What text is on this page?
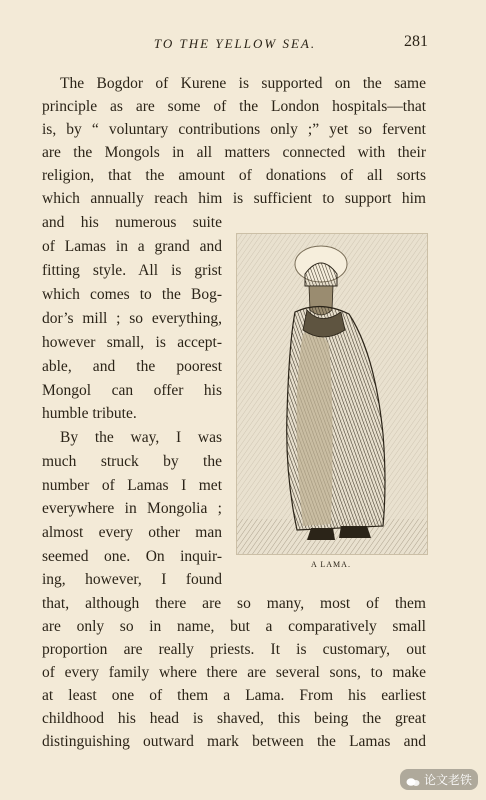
TO THE YELLOW SEA.	281
The Bogdor of Kurene is supported on the same
principle as are some of the London hospitals—that
is, by “ voluntary contributions only ;” yet so fervent
are the Mongols in all matters connected with their
religion, that the amount of donations of all sorts
which annually reach him is sufficient to support him
and his numerous suite
of Lamas in a grand and
fitting style. All is grist
which comes to the Bog-
dor’s mill ; so everything,
however small, is accept-
able, and the poorest
Mongol can offer his
humble tribute.
By the way, I was
much struck by the
number of Lamas I met
everywhere in Mongolia ;
almost every other man
seemed one. On inquir-
ing, however, I found
that, although there are so many, most of them
are only so in name, but a comparatively small
proportion are really priests. It is customary, out
of every family where there are several sons, to make
at least one of them a Lama. From his earliest
childhood his head is shaved, this being the great
distinguishing outward mark between the Lamas and
A LAMA.
论文老铁
